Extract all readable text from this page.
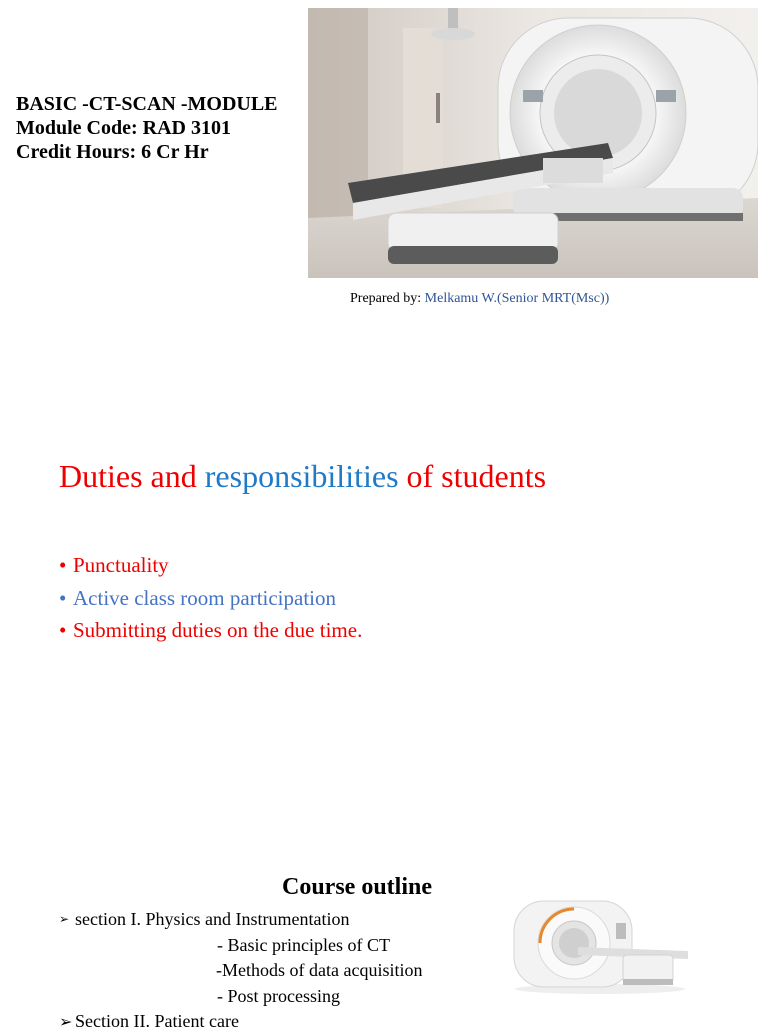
BASIC -CT-SCAN -MODULE
Module Code: RAD 3101
Credit Hours: 6 Cr Hr
Prepared by: Melkamu W.(Senior MRT(Msc))
Duties and responsibilities of students
• Punctuality
• Active class room participation
• Submitting duties on the due time.
Course outline
➢ section I. Physics and Instrumentation
- Basic principles of CT
-Methods of data acquisition
- Post processing
➢ Section II. Patient care
